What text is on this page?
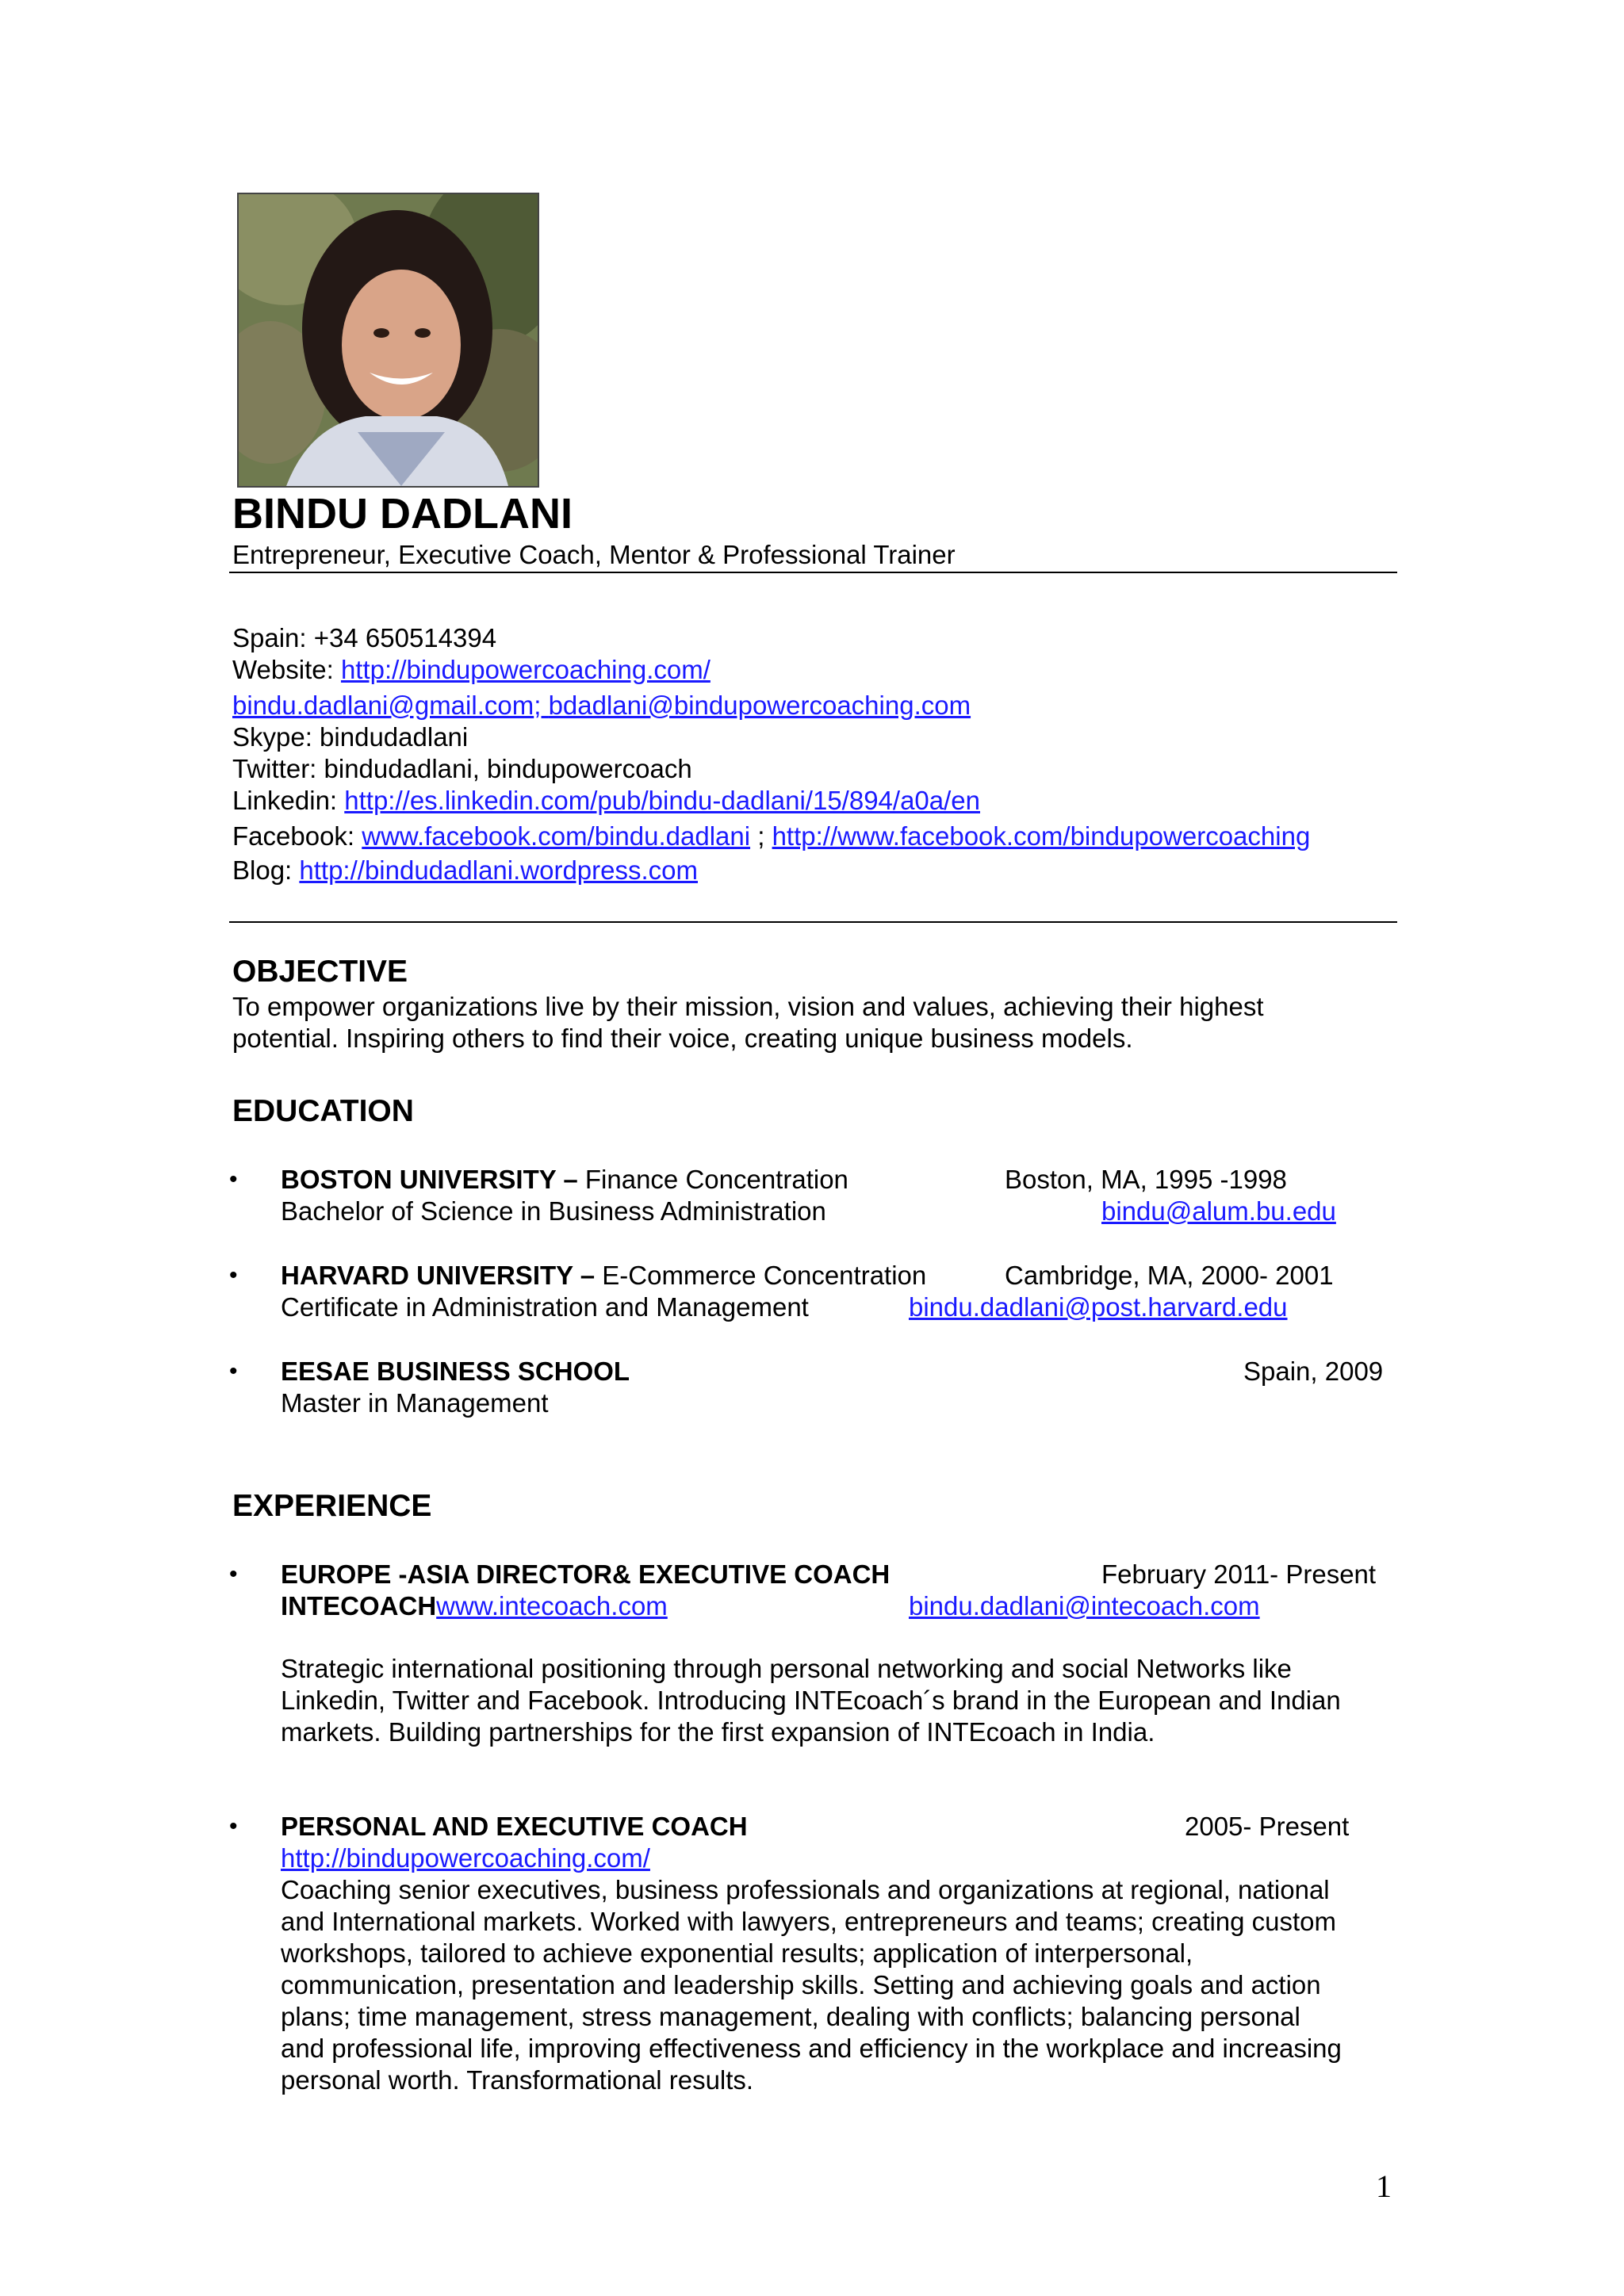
BINDU DADLANI
Entrepreneur, Executive Coach, Mentor & Professional Trainer
Spain: +34 650514394
Website: http://bindupowercoaching.com/
bindu.dadlani@gmail.com; bdadlani@bindupowercoaching.com
Skype: bindudadlani
Twitter: bindudadlani, bindupowercoach
Linkedin: http://es.linkedin.com/pub/bindu-dadlani/15/894/a0a/en
Facebook: www.facebook.com/bindu.dadlani ; http://www.facebook.com/bindupowercoaching
Blog: http://bindudadlani.wordpress.com
OBJECTIVE
To empower organizations live by their mission, vision and values, achieving their highest
potential. Inspiring others to find their voice, creating unique business models.
EDUCATION
• BOSTON UNIVERSITY – Finance Concentration	Boston, MA, 1995 -1998
Bachelor of Science in Business Administration	bindu@alum.bu.edu
• HARVARD UNIVERSITY – E-Commerce Concentration	Cambridge, MA, 2000- 2001
Certificate in Administration and Management	bindu.dadlani@post.harvard.edu
• EESAE BUSINESS SCHOOL	Spain, 2009
Master in Management
EXPERIENCE
• EUROPE -ASIA DIRECTOR& EXECUTIVE COACH	February 2011- Present
INTECOACHwww.intecoach.com	bindu.dadlani@intecoach.com
Strategic international positioning through personal networking and social Networks like
Linkedin, Twitter and Facebook. Introducing INTEcoach´s brand in the European and Indian
markets. Building partnerships for the first expansion of INTEcoach in India.
• PERSONAL AND EXECUTIVE COACH	2005- Present
http://bindupowercoaching.com/
Coaching senior executives, business professionals and organizations at regional, national
and International markets. Worked with lawyers, entrepreneurs and teams; creating custom
workshops, tailored to achieve exponential results; application of interpersonal,
communication, presentation and leadership skills. Setting and achieving goals and action
plans; time management, stress management, dealing with conflicts; balancing personal
and professional life, improving effectiveness and efficiency in the workplace and increasing
personal worth. Transformational results.
1
